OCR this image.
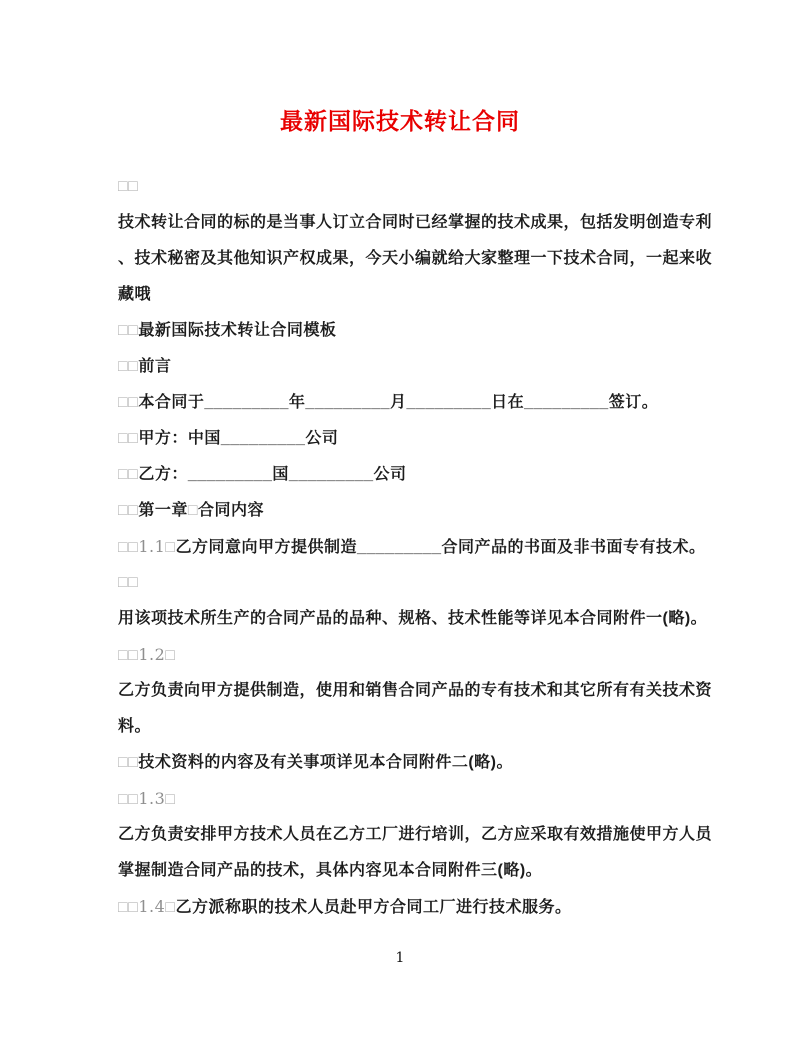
最新国际技术转让合同
□□
技术转让合同的标的是当事人订立合同时已经掌握的技术成果，包括发明创造专利
、技术秘密及其他知识产权成果，今天小编就给大家整理一下技术合同，一起来收
藏哦
□□最新国际技术转让合同模板
□□前言
□□本合同于_________年_________月_________日在_________签订。
□□甲方：中国_________公司
□□乙方：_________国_________公司
□□第一章□合同内容
□□1.1□乙方同意向甲方提供制造_________合同产品的书面及非书面专有技术。
□□
用该项技术所生产的合同产品的品种、规格、技术性能等详见本合同附件一(略)。
□□1.2□
乙方负责向甲方提供制造，使用和销售合同产品的专有技术和其它所有有关技术资
料。
□□技术资料的内容及有关事项详见本合同附件二(略)。
□□1.3□
乙方负责安排甲方技术人员在乙方工厂进行培训，乙方应采取有效措施使甲方人员
掌握制造合同产品的技术，具体内容见本合同附件三(略)。
□□1.4□乙方派称职的技术人员赴甲方合同工厂进行技术服务。
1
